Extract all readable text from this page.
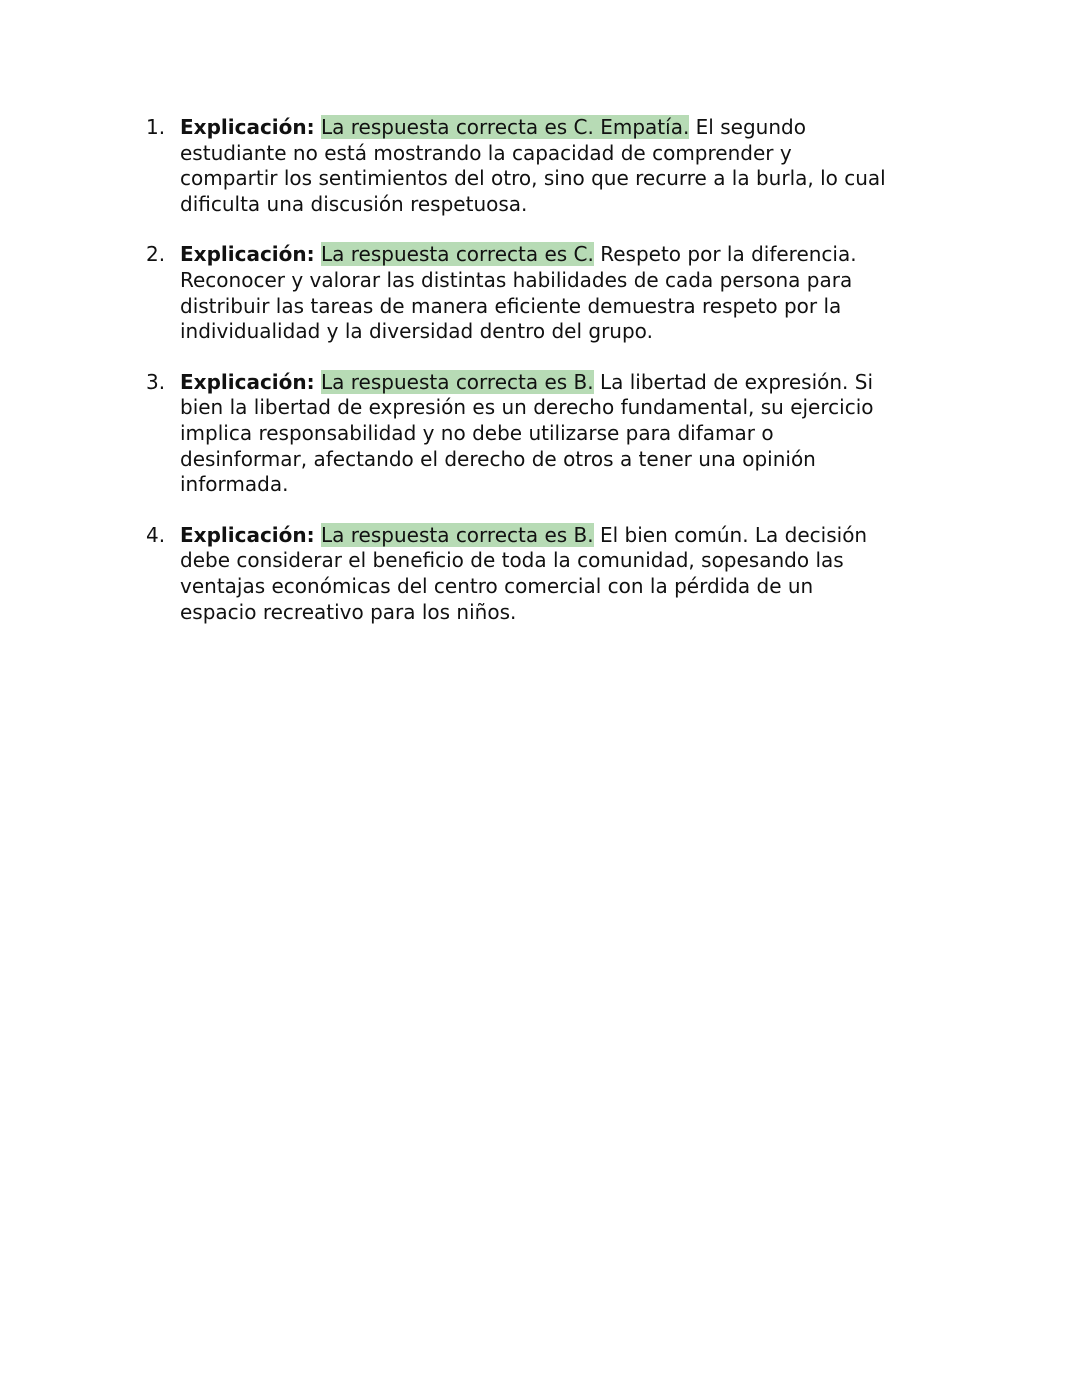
1. Explicación: La respuesta correcta es C. Empatía. El segundo estudiante no está mostrando la capacidad de comprender y compartir los sentimientos del otro, sino que recurre a la burla, lo cual dificulta una discusión respetuosa.
2. Explicación: La respuesta correcta es C. Respeto por la diferencia. Reconocer y valorar las distintas habilidades de cada persona para distribuir las tareas de manera eficiente demuestra respeto por la individualidad y la diversidad dentro del grupo.
3. Explicación: La respuesta correcta es B. La libertad de expresión. Si bien la libertad de expresión es un derecho fundamental, su ejercicio implica responsabilidad y no debe utilizarse para difamar o desinformar, afectando el derecho de otros a tener una opinión informada.
4. Explicación: La respuesta correcta es B. El bien común. La decisión debe considerar el beneficio de toda la comunidad, sopesando las ventajas económicas del centro comercial con la pérdida de un espacio recreativo para los niños.
